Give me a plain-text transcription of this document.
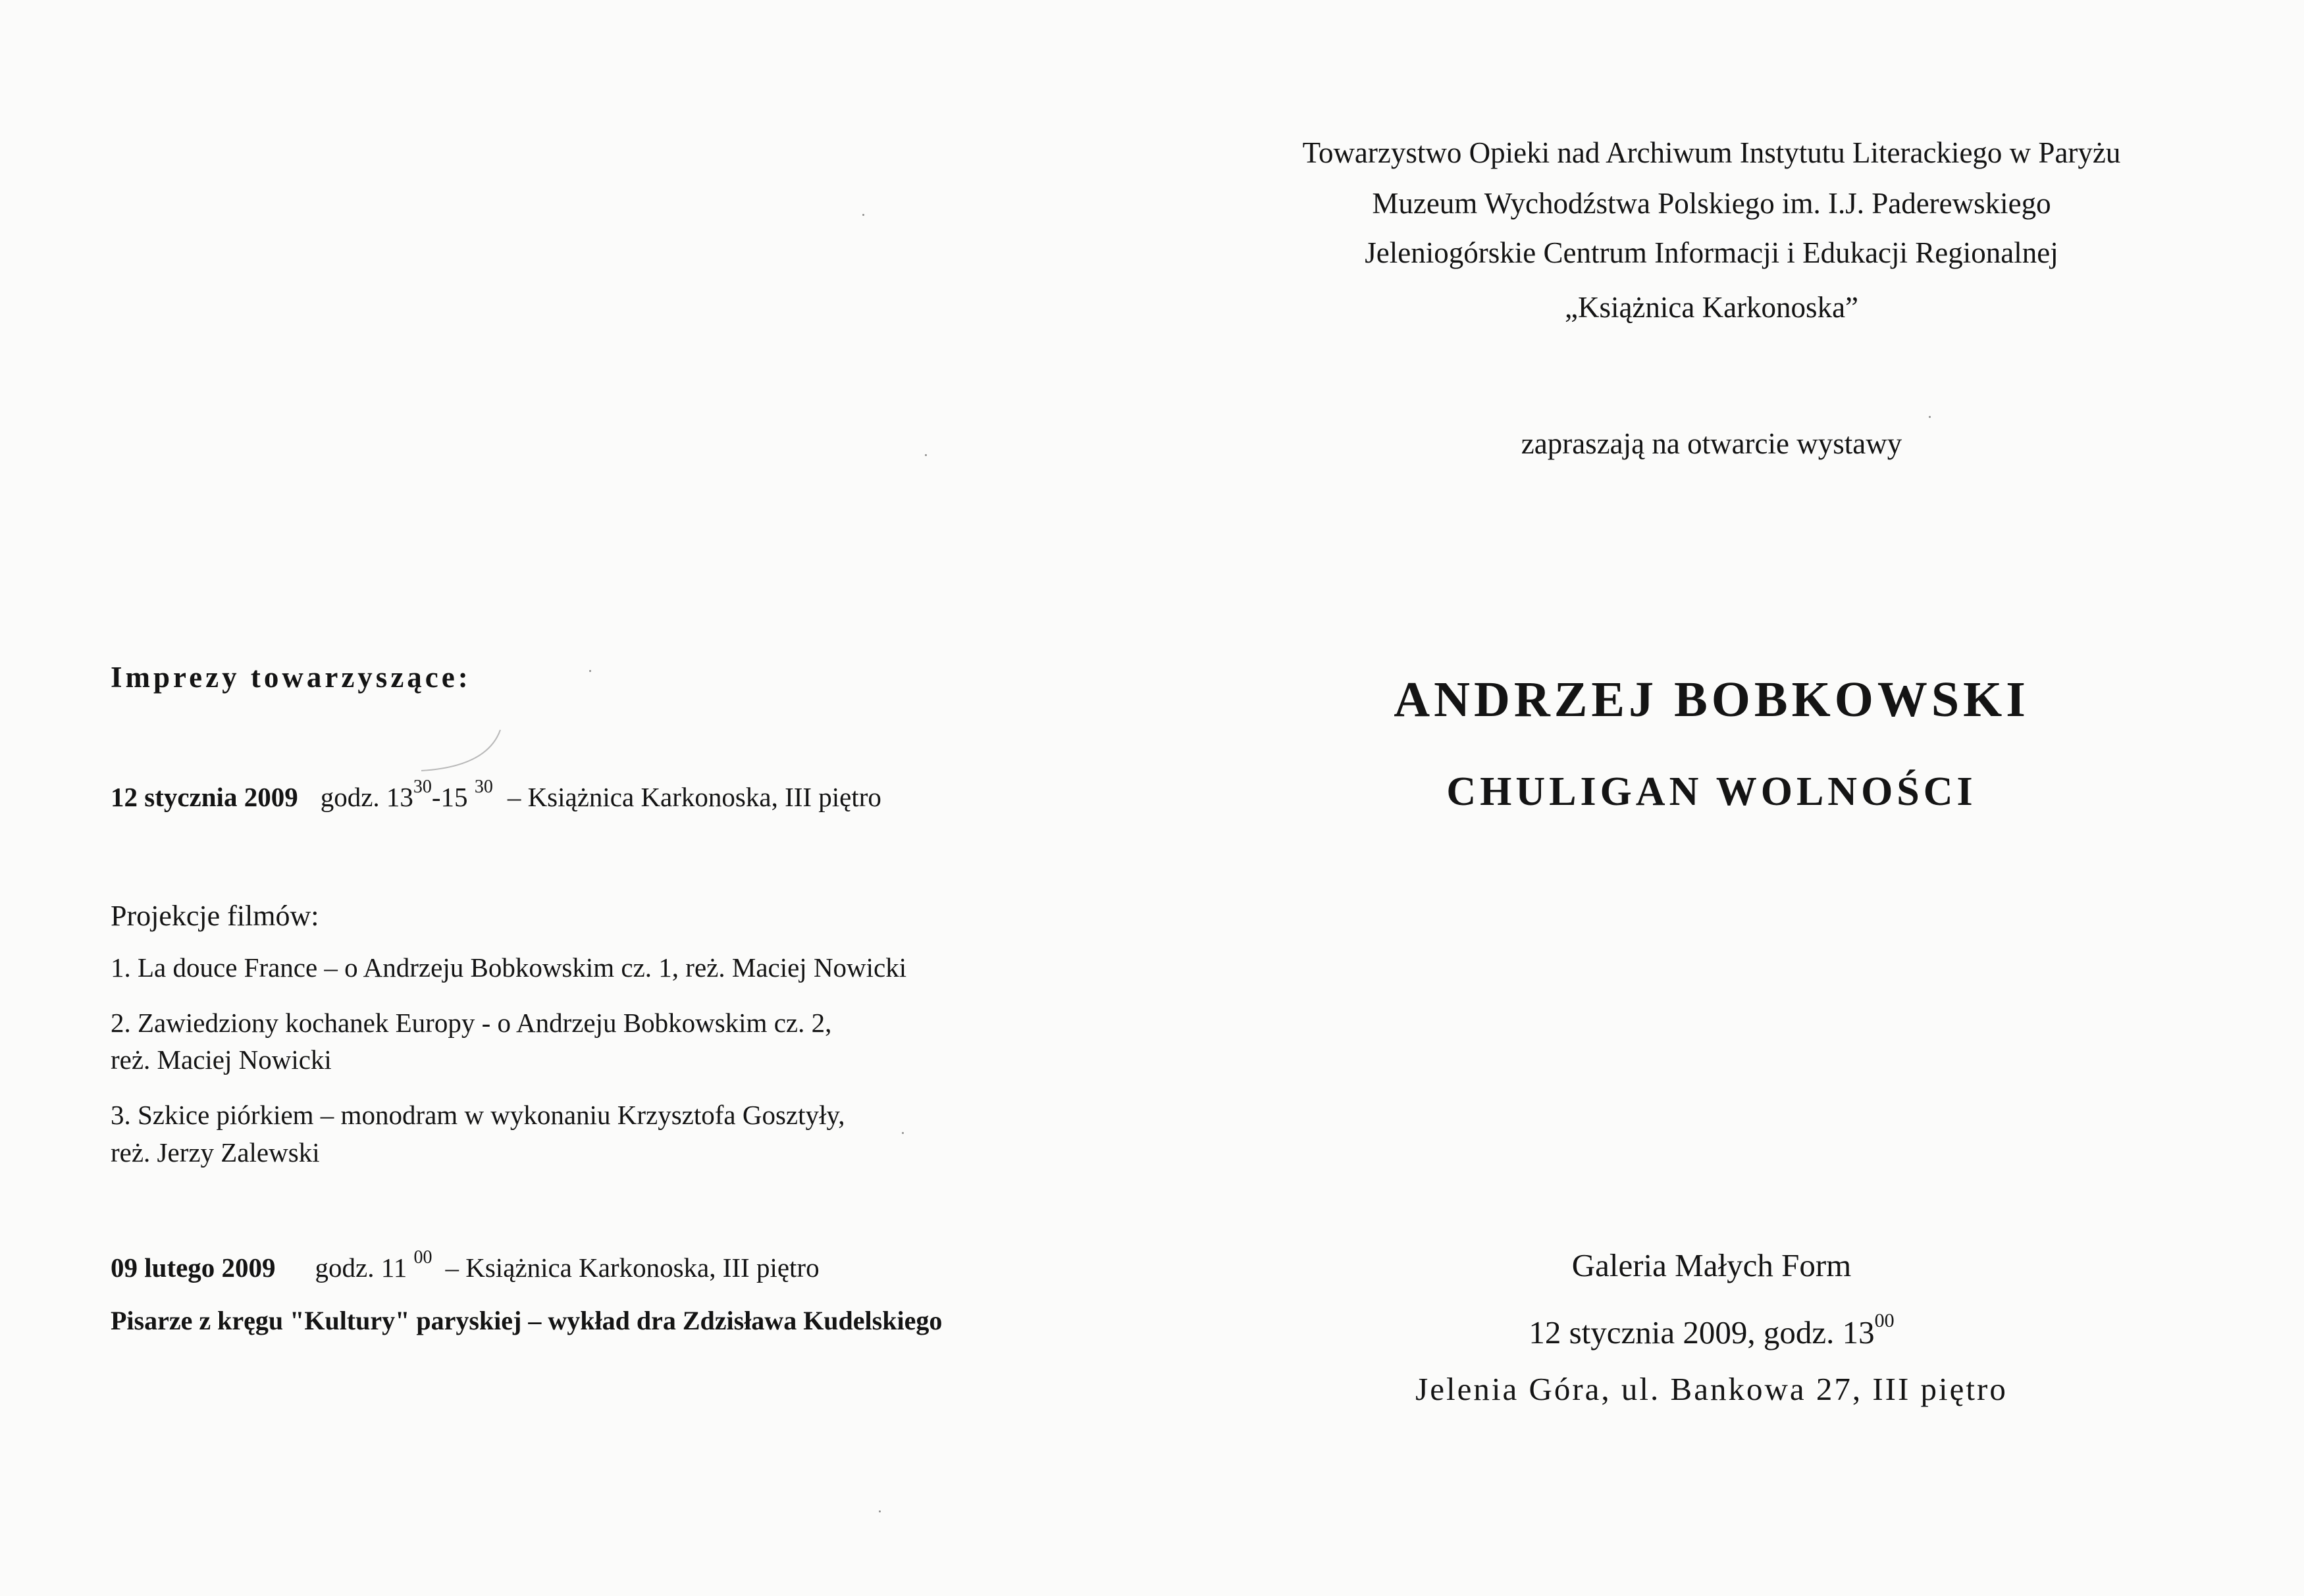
Towarzystwo Opieki nad Archiwum Instytutu Literackiego w Paryżu
Muzeum Wychodźstwa Polskiego im. I.J. Paderewskiego
Jeleniogórskie Centrum Informacji i Edukacji Regionalnej
„Książnica Karkonoska”
zapraszają na otwarcie wystawy
ANDRZEJ BOBKOWSKI
CHULIGAN WOLNOŚCI
Galeria Małych Form
12 stycznia 2009, godz. $13^{00}$
Jelenia Góra, ul. Bankowa 27, III piętro
Imprezy towarzyszące:
12 stycznia 2009 godz. $13^{30}-15$ $^{30}$ – Książnica Karkonoska, III piętro
Projekcje filmów:
1. La douce France – o Andrzeju Bobkowskim cz. 1, reż. Maciej Nowicki
2. Zawiedziony kochanek Europy - o Andrzeju Bobkowskim cz. 2,
reż. Maciej Nowicki
3. Szkice piórkiem – monodram w wykonaniu Krzysztofa Gosztyły,
reż. Jerzy Zalewski
09 lutego 2009 godz. 11 $^{00}$ – Książnica Karkonoska, III piętro
Pisarze z kręgu "Kultury" paryskiej – wykład dra Zdzisława Kudelskiego
